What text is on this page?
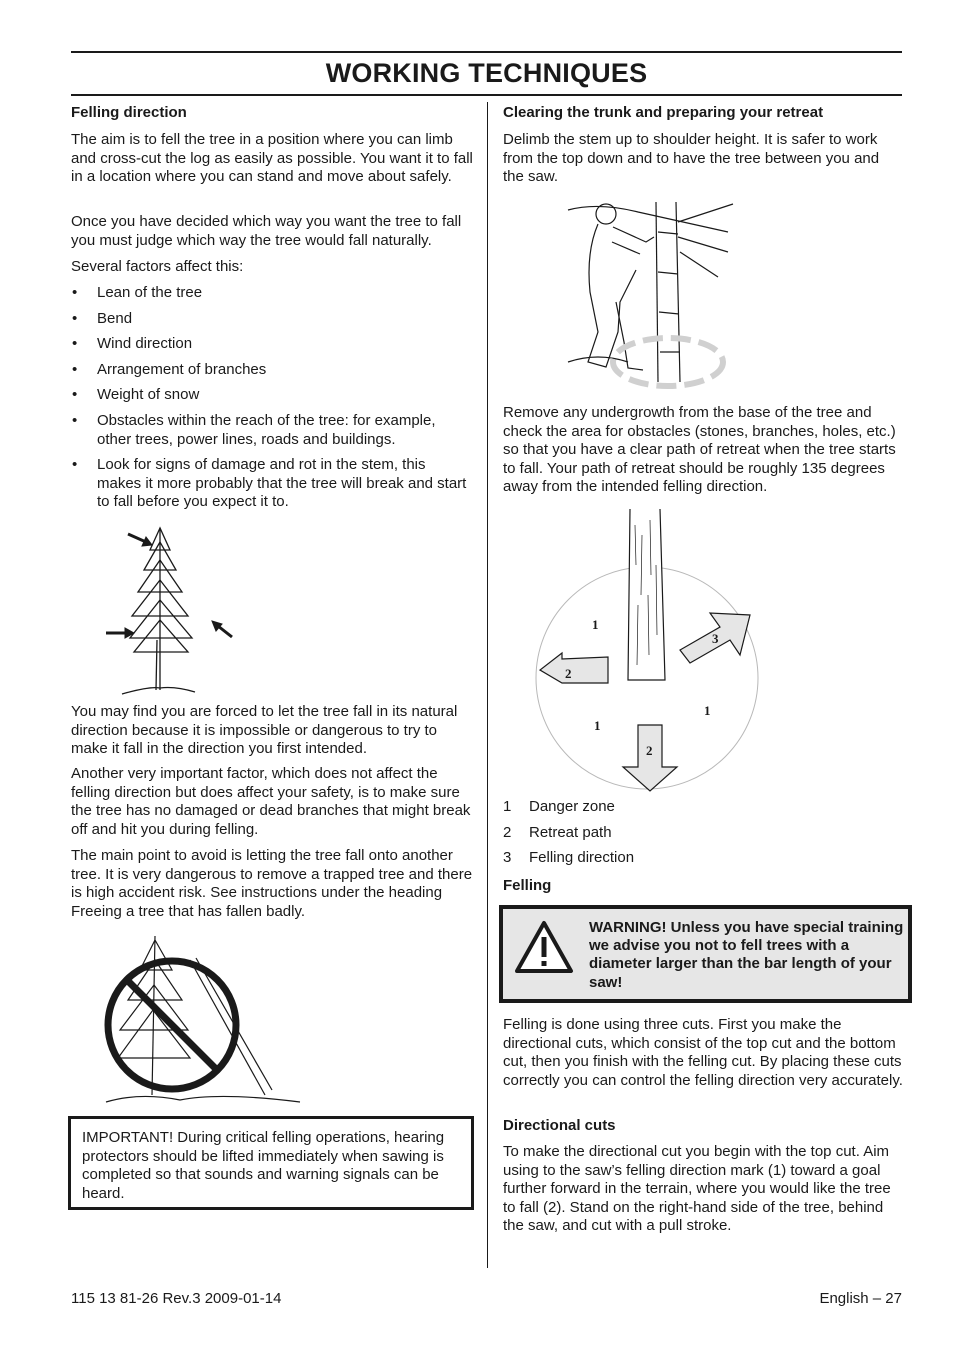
WORKING TECHNIQUES
Felling direction

The aim is to fell the tree in a position where you can limb and cross-cut the log as easily as possible. You want it to fall in a location where you can stand and move about safely.

Once you have decided which way you want the tree to fall you must judge which way the tree would fall naturally.

Several factors affect this:

• Lean of the tree
• Bend
• Wind direction
• Arrangement of branches
• Weight of snow
• Obstacles within the reach of the tree: for example, other trees, power lines, roads and buildings.
• Look for signs of damage and rot in the stem, this makes it more probably that the tree will break and start to fall before you expect it to.

You may find you are forced to let the tree fall in its natural direction because it is impossible or dangerous to try to make it fall in the direction you first intended.

Another very important factor, which does not affect the felling direction but does affect your safety, is to make sure the tree has no damaged or dead branches that might break off and hit you during felling.

The main point to avoid is letting the tree fall onto another tree. It is very dangerous to remove a trapped tree and there is high accident risk. See instructions under the heading Freeing a tree that has fallen badly.

IMPORTANT! During critical felling operations, hearing protectors should be lifted immediately when sawing is completed so that sounds and warning signals can be heard.

Clearing the trunk and preparing your retreat

Delimb the stem up to shoulder height. It is safer to work from the top down and to have the tree between you and the saw.

Remove any undergrowth from the base of the tree and check the area for obstacles (stones, branches, holes, etc.) so that you have a clear path of retreat when the tree starts to fall. Your path of retreat should be roughly 135 degrees away from the intended felling direction.

1
2
3
1
1
2
1 Danger zone
2 Retreat path
3 Felling direction
Felling
WARNING! Unless you have special training we advise you not to fell trees with a diameter larger than the bar length of your saw!

Felling is done using three cuts. First you make the directional cuts, which consist of the top cut and the bottom cut, then you finish with the felling cut. By placing these cuts correctly you can control the felling direction very accurately.

Directional cuts

To make the directional cut you begin with the top cut. Aim using to the saw’s felling direction mark (1) toward a goal further forward in the terrain, where you would like the tree to fall (2). Stand on the right-hand side of the tree, behind the saw, and cut with a pull stroke.

115 13 81-26 Rev.3 2009-01-14	English – 27
